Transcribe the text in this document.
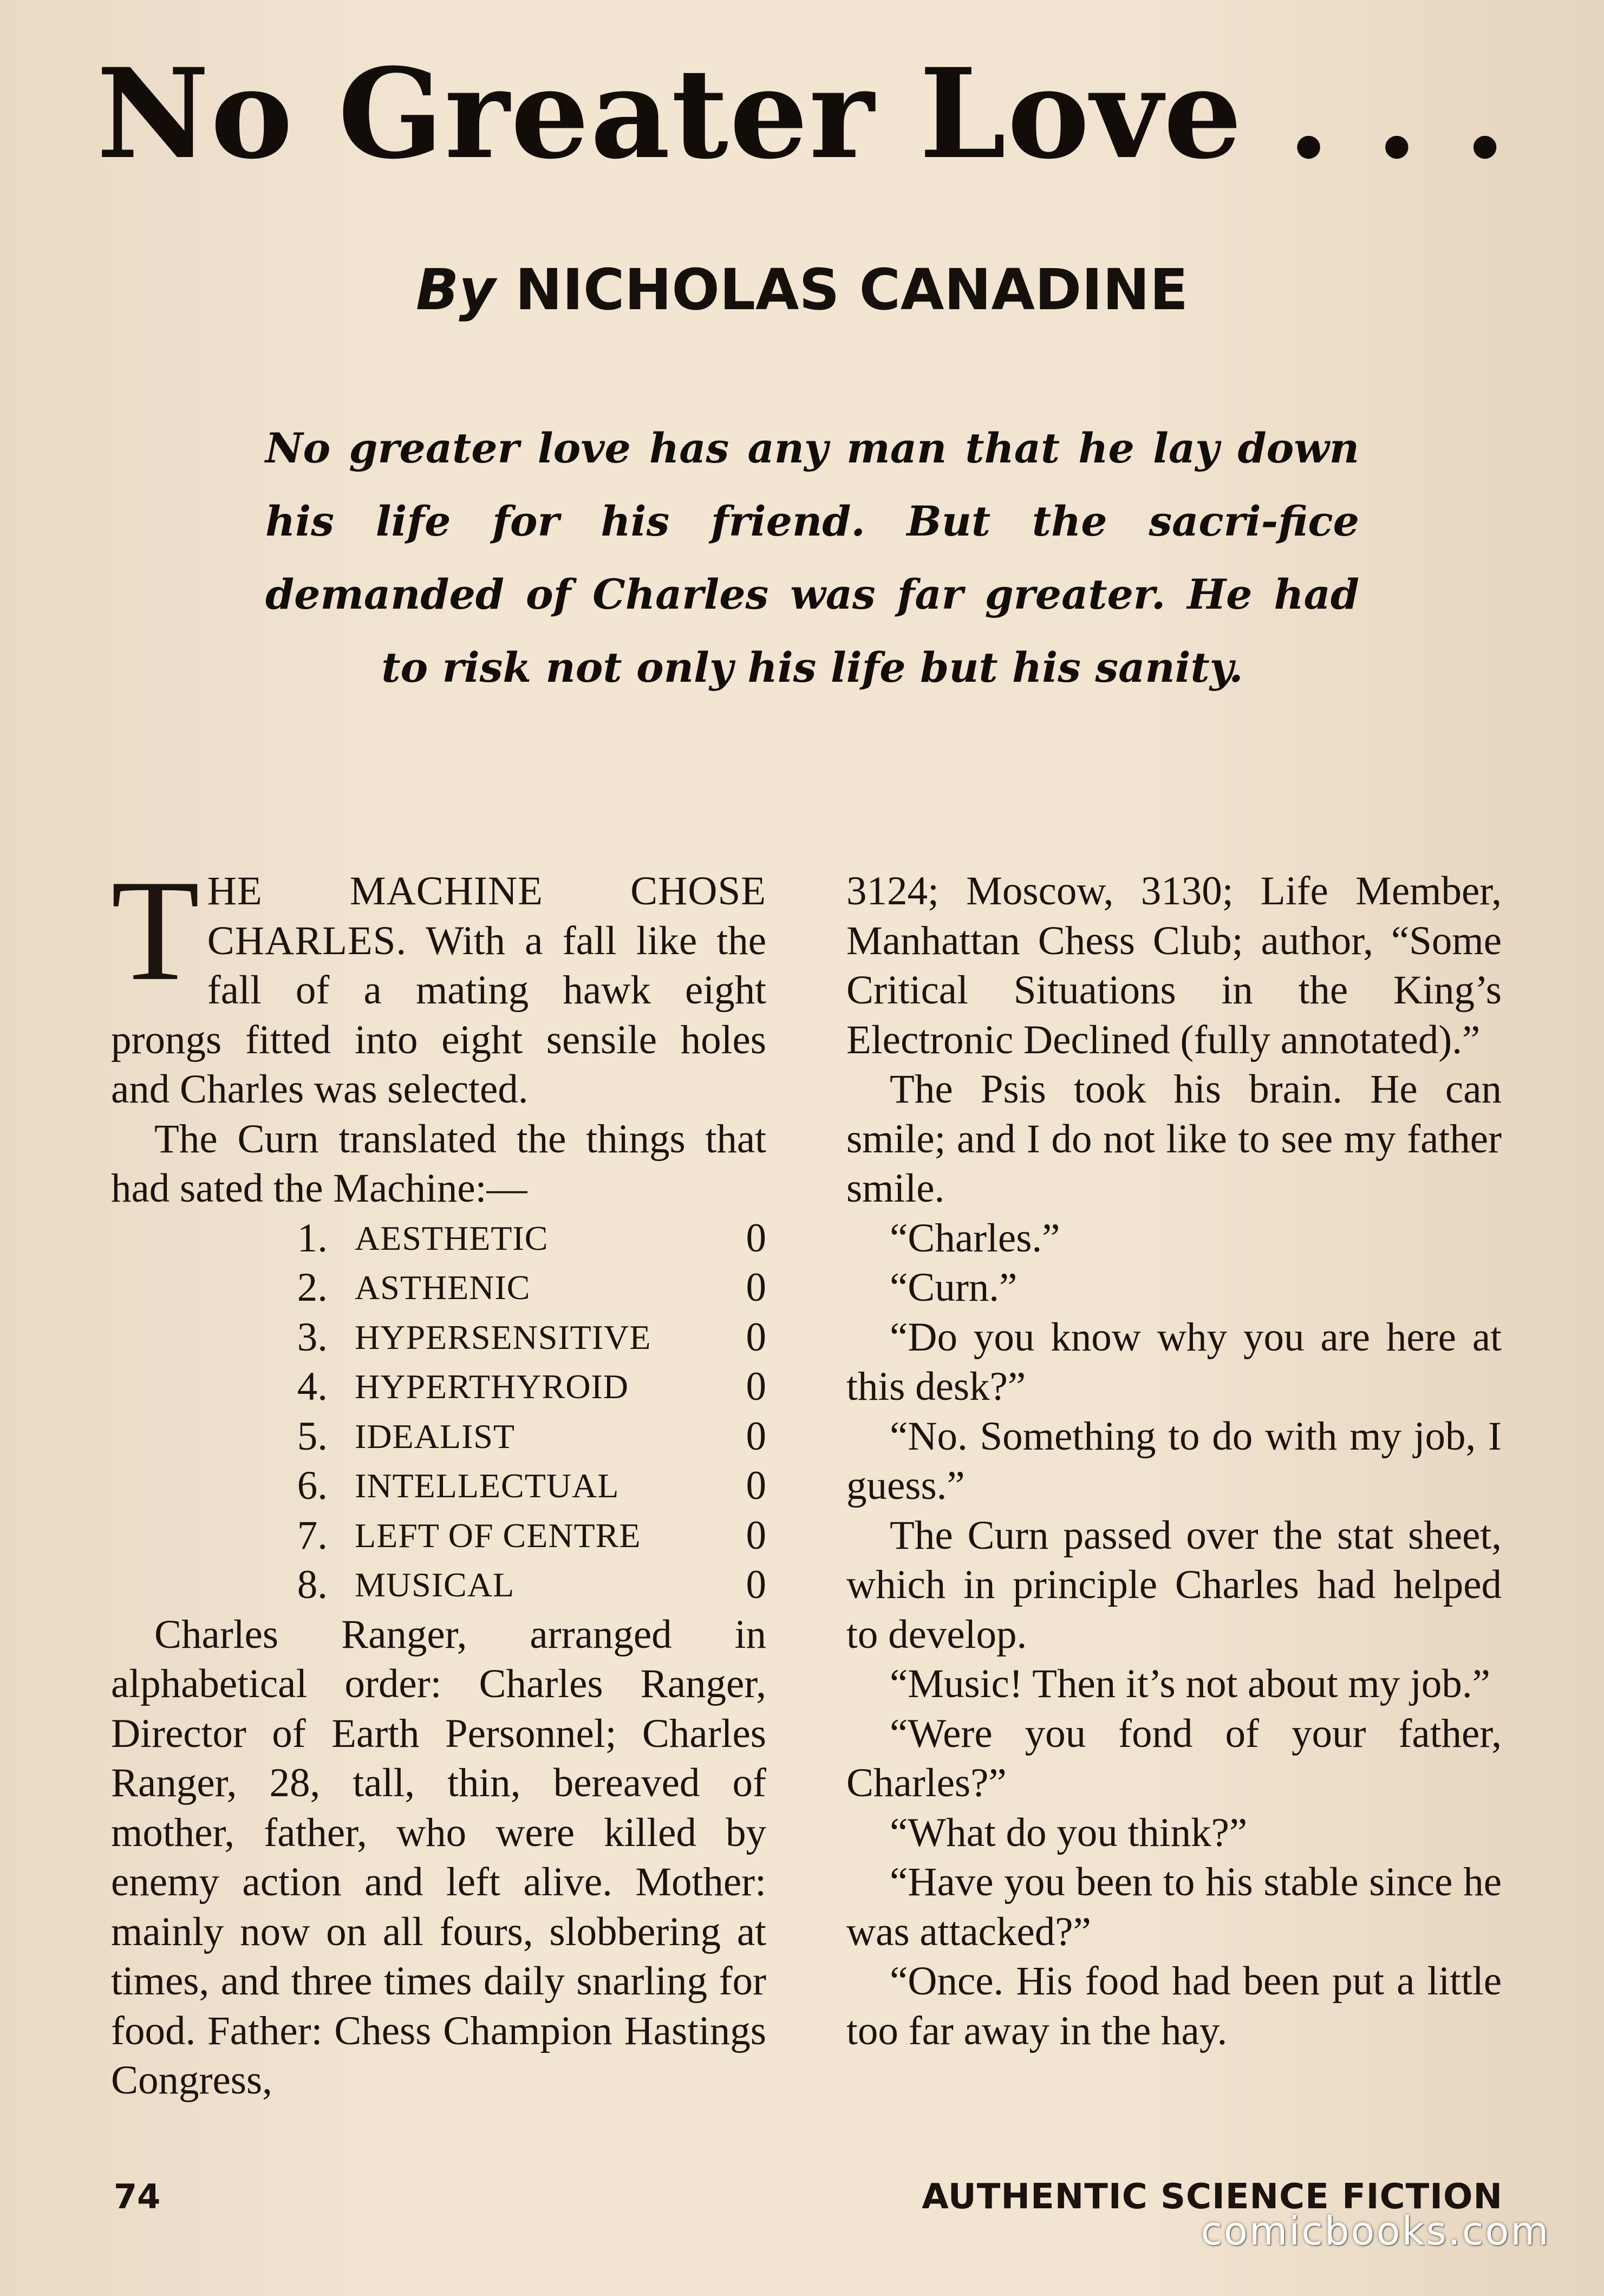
No Greater Love . . .
By NICHOLAS CANADINE
No greater love has any man that he lay down his life for his friend. But the sacri-fice demanded of Charles was far greater. He had to risk not only his life but his sanity.

THE MACHINE CHOSE CHARLES. With a fall like the fall of a mating hawk eight prongs fitted into eight sensile holes and Charles was selected.

The Curn translated the things that had sated the Machine:—

1. AESTHETIC	0
2. ASTHENIC	0
3. HYPERSENSITIVE	0
4. HYPERTHYROID	0
5. IDEALIST	0
6. INTELLECTUAL	0
7. LEFT OF CENTRE	0
8. MUSICAL	0

Charles Ranger, arranged in alphabetical order: Charles Ranger, Director of Earth Personnel; Charles Ranger, 28, tall, thin, bereaved of mother, father, who were killed by enemy action and left alive. Mother: mainly now on all fours, slobbering at times, and three times daily snarling for food. Father: Chess Champion Hastings Congress,

3124; Moscow, 3130; Life Member, Manhattan Chess Club; author, “Some Critical Situations in the King’s Electronic Declined (fully annotated).”

The Psis took his brain. He can smile; and I do not like to see my father smile.

“Charles.”

“Curn.”

“Do you know why you are here at this desk?”

“No. Something to do with my job, I guess.”

The Curn passed over the stat sheet, which in principle Charles had helped to develop.

“Music! Then it’s not about my job.”

“Were you fond of your father, Charles?”

“What do you think?”

“Have you been to his stable since he was attacked?”

“Once. His food had been put a little too far away in the hay.

74	AUTHENTIC SCIENCE FICTION
comicbooks.com
